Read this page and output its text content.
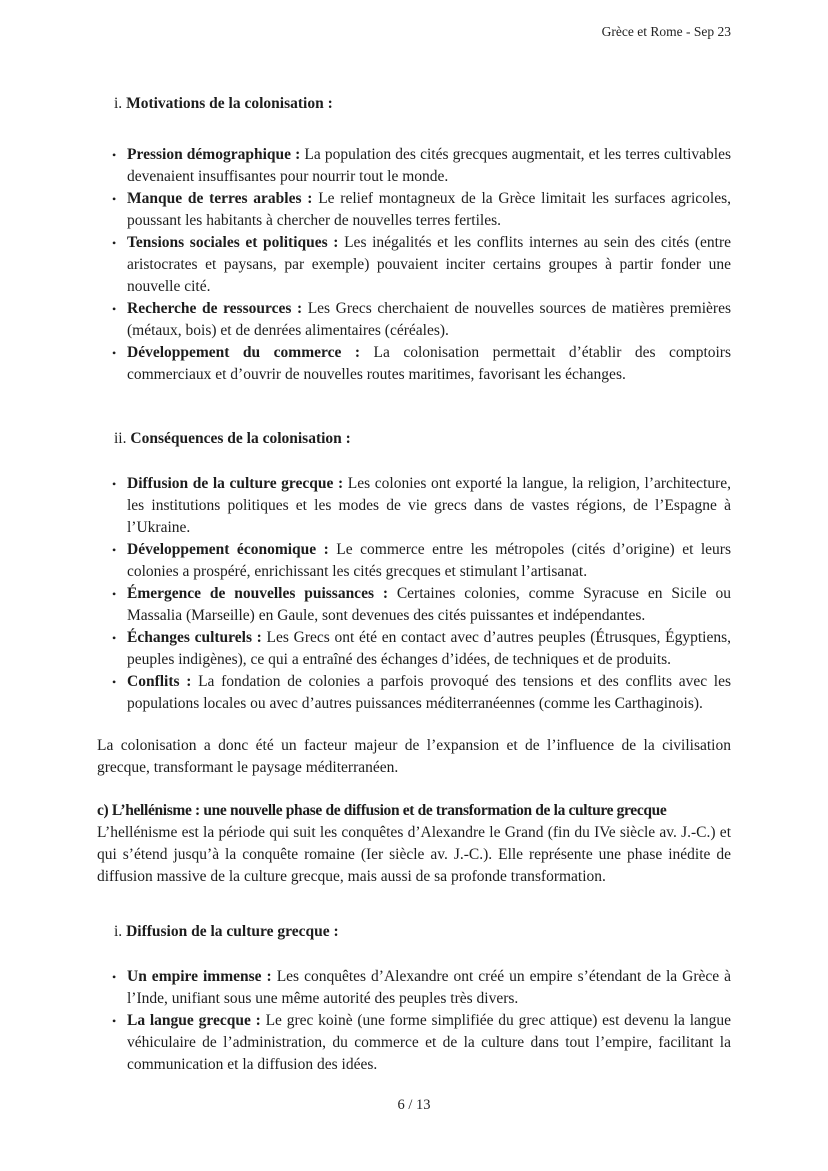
Grèce et Rome - Sep 23
i. Motivations de la colonisation :
• Pression démographique : La population des cités grecques augmentait, et les terres cultivables devenaient insuffisantes pour nourrir tout le monde.
• Manque de terres arables : Le relief montagneux de la Grèce limitait les surfaces agricoles, poussant les habitants à chercher de nouvelles terres fertiles.
• Tensions sociales et politiques : Les inégalités et les conflits internes au sein des cités (entre aristocrates et paysans, par exemple) pouvaient inciter certains groupes à partir fonder une nouvelle cité.
• Recherche de ressources : Les Grecs cherchaient de nouvelles sources de matières premières (métaux, bois) et de denrées alimentaires (céréales).
• Développement du commerce : La colonisation permettait d’établir des comptoirs commerciaux et d’ouvrir de nouvelles routes maritimes, favorisant les échanges.
ii. Conséquences de la colonisation :
• Diffusion de la culture grecque : Les colonies ont exporté la langue, la religion, l’architecture, les institutions politiques et les modes de vie grecs dans de vastes régions, de l’Espagne à l’Ukraine.
• Développement économique : Le commerce entre les métropoles (cités d’origine) et leurs colonies a prospéré, enrichissant les cités grecques et stimulant l’artisanat.
• Émergence de nouvelles puissances : Certaines colonies, comme Syracuse en Sicile ou Massalia (Marseille) en Gaule, sont devenues des cités puissantes et indépendantes.
• Échanges culturels : Les Grecs ont été en contact avec d’autres peuples (Étrusques, Égyptiens, peuples indigènes), ce qui a entraîné des échanges d’idées, de techniques et de produits.
• Conflits : La fondation de colonies a parfois provoqué des tensions et des conflits avec les populations locales ou avec d’autres puissances méditerranéennes (comme les Carthaginois).

La colonisation a donc été un facteur majeur de l’expansion et de l’influence de la civilisation grecque, transformant le paysage méditerranéen.

c) L’hellénisme : une nouvelle phase de diffusion et de transformation de la culture grecque

L’hellénisme est la période qui suit les conquêtes d’Alexandre le Grand (fin du IVe siècle av. J.-C.) et qui s’étend jusqu’à la conquête romaine (Ier siècle av. J.-C.). Elle représente une phase inédite de diffusion massive de la culture grecque, mais aussi de sa profonde transformation.

i. Diffusion de la culture grecque :
• Un empire immense : Les conquêtes d’Alexandre ont créé un empire s’étendant de la Grèce à l’Inde, unifiant sous une même autorité des peuples très divers.
• La langue grecque : Le grec koinè (une forme simplifiée du grec attique) est devenu la langue véhiculaire de l’administration, du commerce et de la culture dans tout l’empire, facilitant la communication et la diffusion des idées.
6 / 13
